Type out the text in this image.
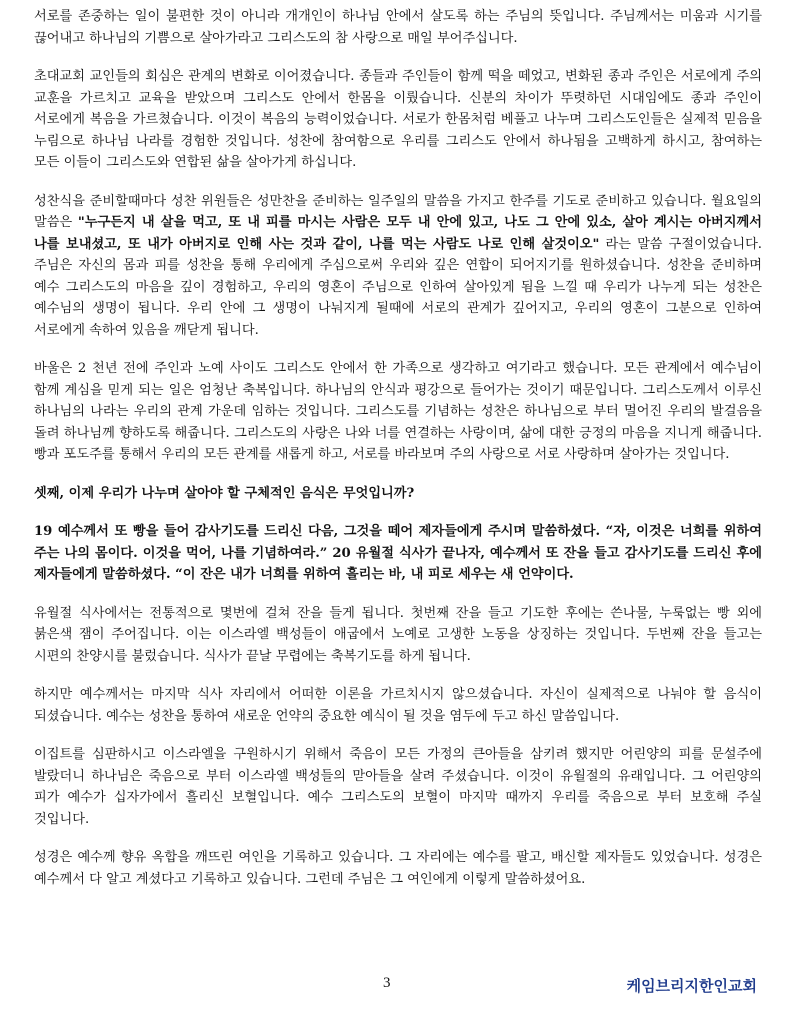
서로를 존중하는 일이 불편한 것이 아니라 개개인이 하나님 안에서 살도록 하는 주님의 뜻입니다. 주님께서는 미움과 시기를 끊어내고 하나님의 기쁨으로 살아가라고 그리스도의 참 사랑으로 매일 부어주십니다.

초대교회 교인들의 회심은 관계의 변화로 이어졌습니다. 종들과 주인들이 함께 떡을 떼었고, 변화된 종과 주인은 서로에게 주의 교훈을 가르치고 교육을 받았으며 그리스도 안에서 한몸을 이뤘습니다. 신분의 차이가 뚜렷하던 시대임에도 종과 주인이 서로에게 복음을 가르쳤습니다. 이것이 복음의 능력이었습니다. 서로가 한몸처럼 베풀고 나누며 그리스도인들은 실제적 믿음을 누림으로 하나님 나라를 경험한 것입니다. 성찬에 참여함으로 우리를 그리스도 안에서 하나됨을 고백하게 하시고, 참여하는 모든 이들이 그리스도와 연합된 삶을 살아가게 하십니다.

성찬식을 준비할때마다 성찬 위원들은 성만찬을 준비하는 일주일의 말씀을 가지고 한주를 기도로 준비하고 있습니다. 월요일의 말씀은 "누구든지 내 살을 먹고, 또 내 피를 마시는 사람은 모두 내 안에 있고, 나도 그 안에 있소, 살아 계시는 아버지께서 나를 보내셨고, 또 내가 아버지로 인해 사는 것과 같이, 나를 먹는 사람도 나로 인해 살것이오" 라는 말씀 구절이었습니다. 주님은 자신의 몸과 피를 성찬을 통해 우리에게 주심으로써 우리와 깊은 연합이 되어지기를 원하셨습니다. 성찬을 준비하며 예수 그리스도의 마음을 깊이 경험하고, 우리의 영혼이 주님으로 인하여 살아있게 됨을 느낄 때 우리가 나누게 되는 성찬은 예수님의 생명이 됩니다. 우리 안에 그 생명이 나눠지게 될때에 서로의 관계가 깊어지고, 우리의 영혼이 그분으로 인하여 서로에게 속하여 있음을 깨닫게 됩니다.

바울은 2 천년 전에 주인과 노예 사이도 그리스도 안에서 한 가족으로 생각하고 여기라고 했습니다. 모든 관계에서 예수님이 함께 계심을 믿게 되는 일은 엄청난 축복입니다. 하나님의 안식과 평강으로 들어가는 것이기 때문입니다. 그리스도께서 이루신 하나님의 나라는 우리의 관계 가운데 임하는 것입니다. 그리스도를 기념하는 성찬은 하나님으로 부터 멀어진 우리의 발걸음을 돌려 하나님께 향하도록 해줍니다. 그리스도의 사랑은 나와 너를 연결하는 사랑이며, 삶에 대한 긍정의 마음을 지니게 해줍니다. 빵과 포도주를 통해서 우리의 모든 관계를 새롭게 하고, 서로를 바라보며 주의 사랑으로 서로 사랑하며 살아가는 것입니다.

셋째, 이제 우리가 나누며 살아야 할 구체적인 음식은 무엇입니까?

19 예수께서 또 빵을 들어 감사기도를 드리신 다음, 그것을 떼어 제자들에게 주시며 말씀하셨다. “자, 이것은 너희를 위하여 주는 나의 몸이다. 이것을 먹어, 나를 기념하여라.” 20 유월절 식사가 끝나자, 예수께서 또 잔을 들고 감사기도를 드리신 후에 제자들에게 말씀하셨다. “이 잔은 내가 너희를 위하여 흘리는 바, 내 피로 세우는 새 언약이다.

유월절 식사에서는 전통적으로 몇번에 걸쳐 잔을 들게 됩니다. 첫번째 잔을 들고 기도한 후에는 쓴나물, 누룩없는 빵 외에 붉은색 잼이 주어집니다. 이는 이스라엘 백성들이 애굽에서 노예로 고생한 노동을 상징하는 것입니다. 두번째 잔을 들고는 시편의 찬양시를 불렀습니다. 식사가 끝날 무렵에는 축복기도를 하게 됩니다.

하지만 예수께서는 마지막 식사 자리에서 어떠한 이론을 가르치시지 않으셨습니다. 자신이 실제적으로 나눠야 할 음식이 되셨습니다. 예수는 성찬을 통하여 새로운 언약의 중요한 예식이 될 것을 염두에 두고 하신 말씀입니다.

이집트를 심판하시고 이스라엘을 구원하시기 위해서 죽음이 모든 가정의 큰아들을 삼키려 했지만 어린양의 피를 문설주에 발랐더니 하나님은 죽음으로 부터 이스라엘 백성들의 맏아들을 살려 주셨습니다. 이것이 유월절의 유래입니다. 그 어린양의 피가 예수가 십자가에서 흘리신 보혈입니다. 예수 그리스도의 보혈이 마지막 때까지 우리를 죽음으로 부터 보호해 주실 것입니다.

성경은 예수께 향유 옥합을 깨뜨린 여인을 기록하고 있습니다. 그 자리에는 예수를 팔고, 배신할 제자들도 있었습니다. 성경은 예수께서 다 알고 계셨다고 기록하고 있습니다. 그런데 주님은 그 여인에게 이렇게 말씀하셨어요.

3	케임브리지한인교회
